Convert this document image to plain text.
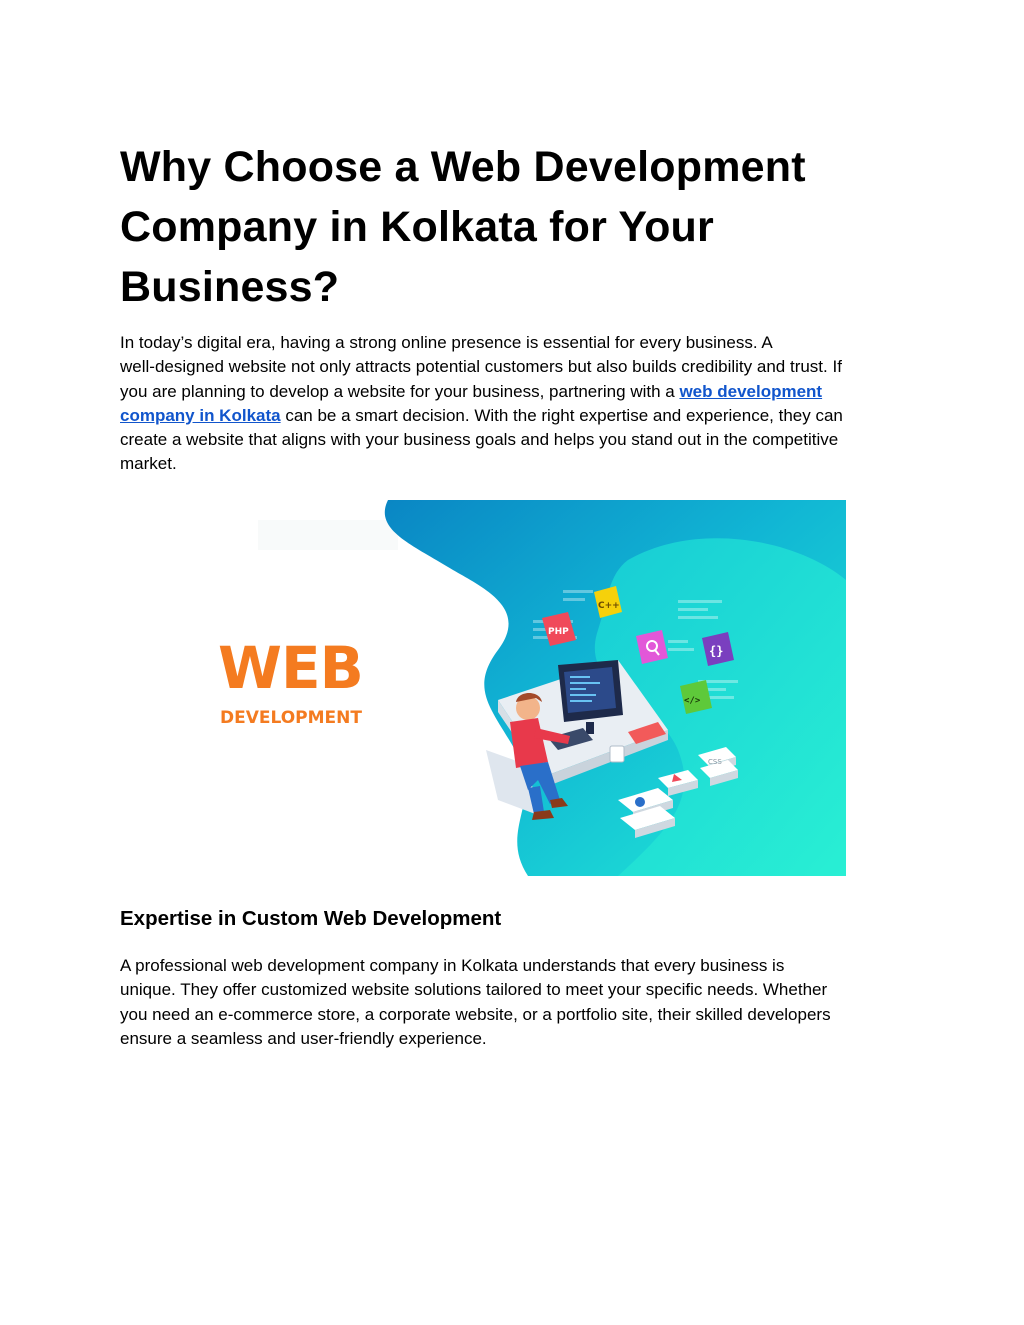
Why Choose a Web Development
Company in Kolkata for Your
Business?
In today’s digital era, having a strong online presence is essential for every business. A
well-designed website not only attracts potential customers but also builds credibility and trust. If
you are planning to develop a website for your business, partnering with a web development
company in Kolkata can be a smart decision. With the right expertise and experience, they can
create a website that aligns with your business goals and helps you stand out in the competitive
market.
C++
PHP
{}
</>
CSS
WEB
DEVELOPMENT
Expertise in Custom Web Development
A professional web development company in Kolkata understands that every business is
unique. They offer customized website solutions tailored to meet your specific needs. Whether
you need an e-commerce store, a corporate website, or a portfolio site, their skilled developers
ensure a seamless and user-friendly experience.
